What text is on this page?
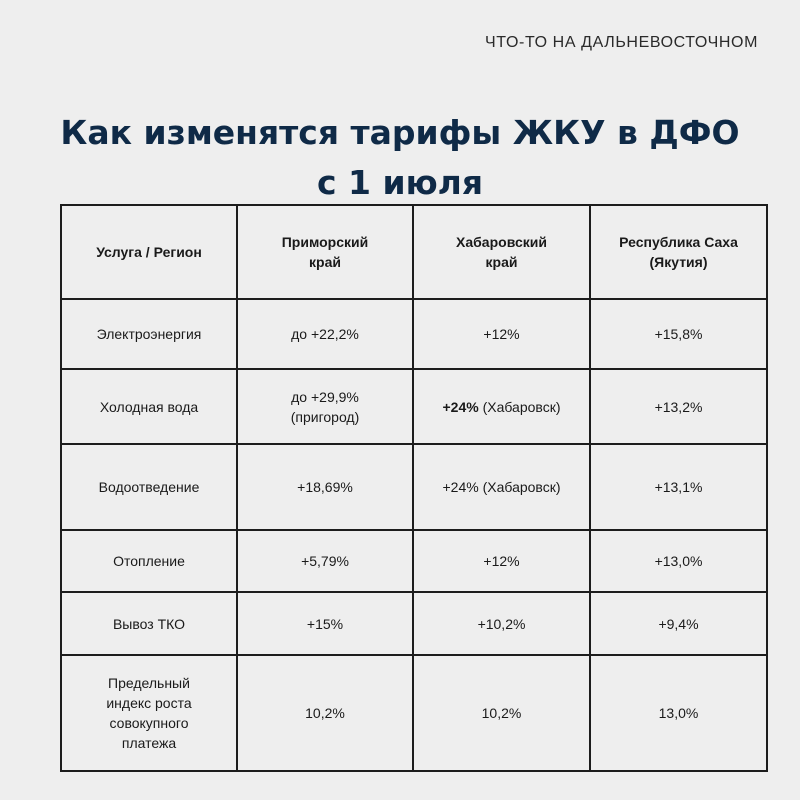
ЧТО-ТО НА ДАЛЬНЕВОСТОЧНОМ
Как изменятся тарифы ЖКУ в ДФО
с 1 июля
Услуга / Регион	Приморский край	Хабаровский край	Республика Саха (Якутия)
Электроэнергия	до +22,2%	+12%	+15,8%
Холодная вода	до +29,9% (пригород)	+24% (Хабаровск)	+13,2%
Водоотведение	+18,69%	+24% (Хабаровск)	+13,1%
Отопление	+5,79%	+12%	+13,0%
Вывоз ТКО	+15%	+10,2%	+9,4%
Предельный индекс роста совокупного платежа	10,2%	10,2%	13,0%
